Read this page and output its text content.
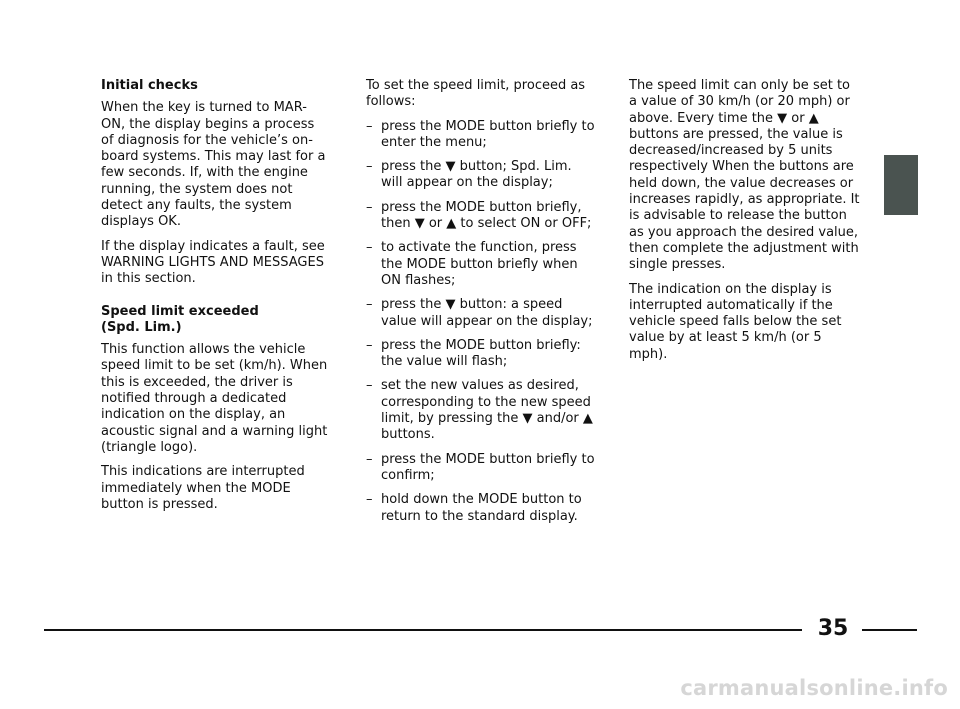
Initial checks

When the key is turned to MAR-ON, the display begins a process of diagnosis for the vehicle’s on-board systems. This may last for a few seconds. If, with the engine running, the system does not detect any faults, the system displays OK.

If the display indicates a fault, see WARNING LIGHTS AND MESSAGES in this section.

Speed limit exceeded
(Spd. Lim.)

This function allows the vehicle speed limit to be set (km/h). When this is exceeded, the driver is notified through a dedicated indication on the display, an acoustic signal and a warning light (triangle logo).

This indications are interrupted immediately when the MODE button is pressed.

To set the speed limit, proceed as follows:

– press the MODE button briefly to enter the menu;
– press the ▼ button; Spd. Lim. will appear on the display;
– press the MODE button briefly, then ▼ or ▲ to select ON or OFF;
– to activate the function, press the MODE button briefly when ON flashes;
– press the ▼ button: a speed value will appear on the display;
– press the MODE button briefly: the value will flash;
– set the new values as desired, corresponding to the new speed limit, by pressing the ▼ and/or ▲ buttons.
– press the MODE button briefly to confirm;
– hold down the MODE button to return to the standard display.

The speed limit can only be set to a value of 30 km/h (or 20 mph) or above. Every time the ▼ or ▲ buttons are pressed, the value is decreased/increased by 5 units respectively When the buttons are held down, the value decreases or increases rapidly, as appropriate. It is advisable to release the button as you approach the desired value, then complete the adjustment with single presses.

The indication on the display is interrupted automatically if the vehicle speed falls below the set value by at least 5 km/h (or 5 mph).

35
carmanualsonline.info
